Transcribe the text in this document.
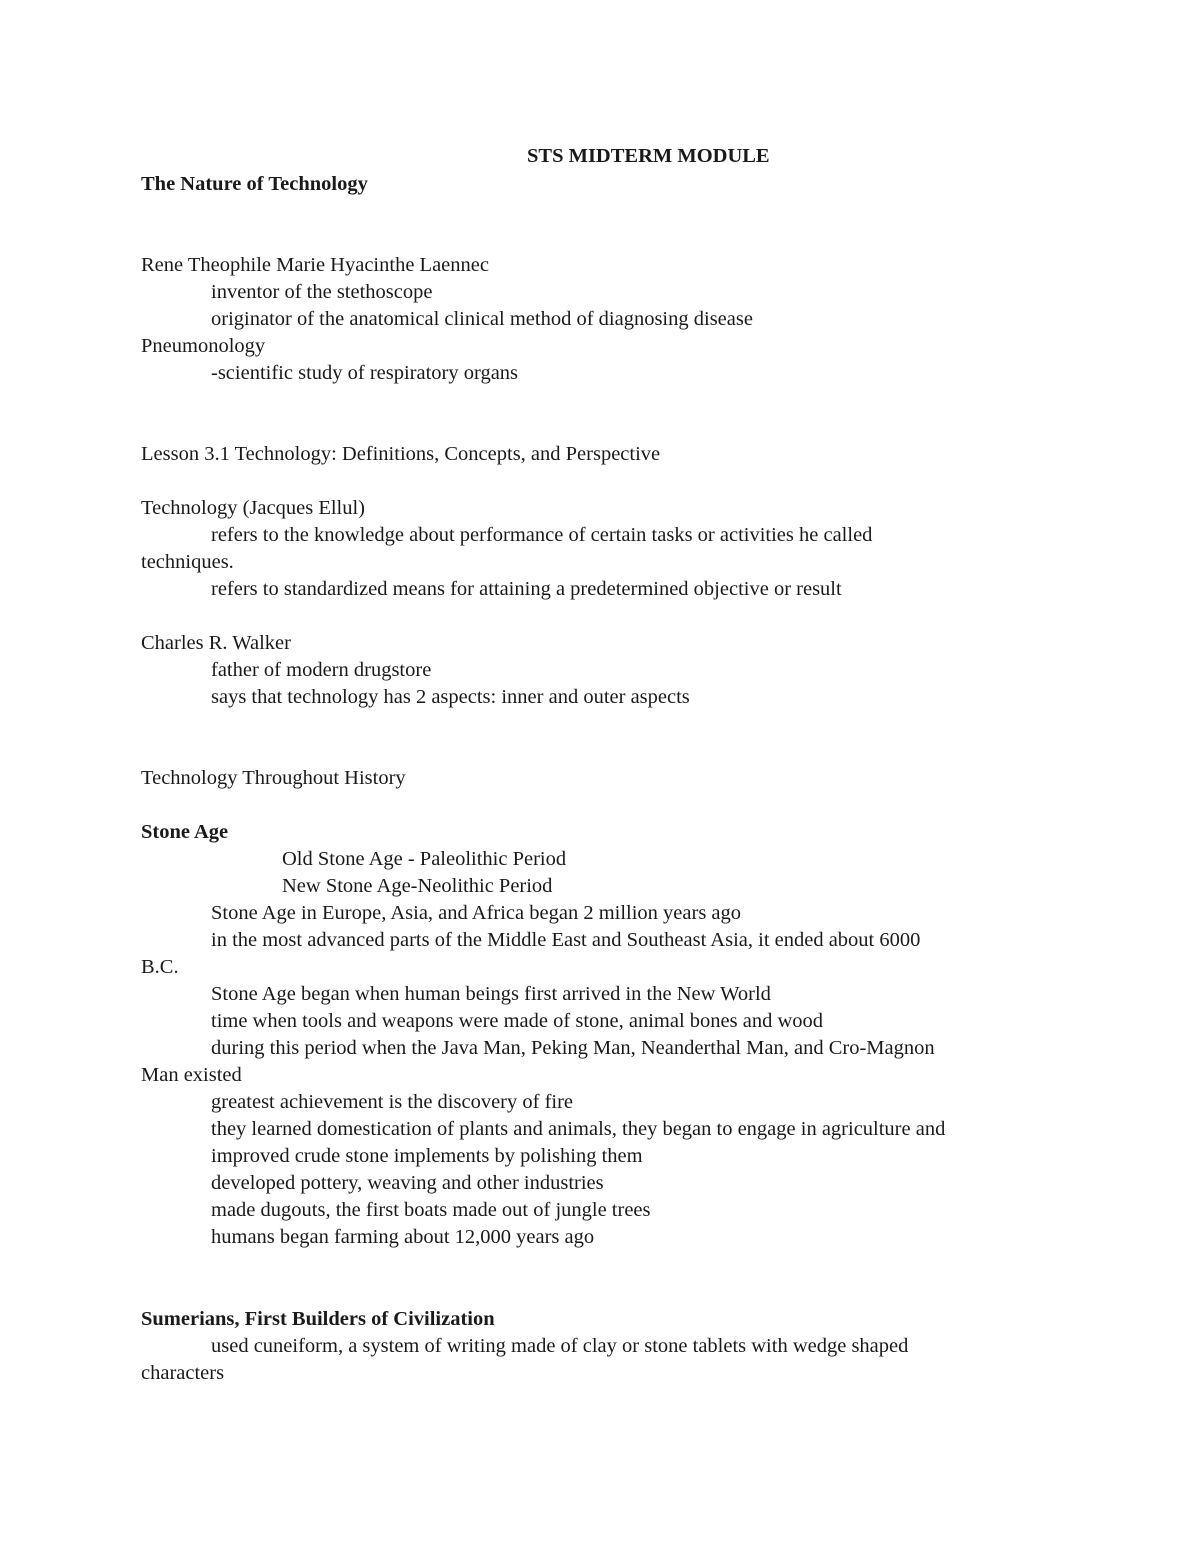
STS MIDTERM MODULE
The Nature of Technology
Rene Theophile Marie Hyacinthe Laennec
inventor of the stethoscope
originator of the anatomical clinical method of diagnosing disease
Pneumonology
-scientific study of respiratory organs
Lesson 3.1 Technology: Definitions, Concepts, and Perspective
Technology (Jacques Ellul)
refers to the knowledge about performance of certain tasks or activities he called
techniques.
refers to standardized means for attaining a predetermined objective or result
Charles R. Walker
father of modern drugstore
says that technology has 2 aspects: inner and outer aspects
Technology Throughout History
Stone Age
Old Stone Age - Paleolithic Period
New Stone Age-Neolithic Period
Stone Age in Europe, Asia, and Africa began 2 million years ago
in the most advanced parts of the Middle East and Southeast Asia, it ended about 6000
B.C.
Stone Age began when human beings first arrived in the New World
time when tools and weapons were made of stone, animal bones and wood
during this period when the Java Man, Peking Man, Neanderthal Man, and Cro-Magnon
Man existed
greatest achievement is the discovery of fire
they learned domestication of plants and animals, they began to engage in agriculture and
improved crude stone implements by polishing them
developed pottery, weaving and other industries
made dugouts, the first boats made out of jungle trees
humans began farming about 12,000 years ago
Sumerians, First Builders of Civilization
used cuneiform, a system of writing made of clay or stone tablets with wedge shaped
characters
